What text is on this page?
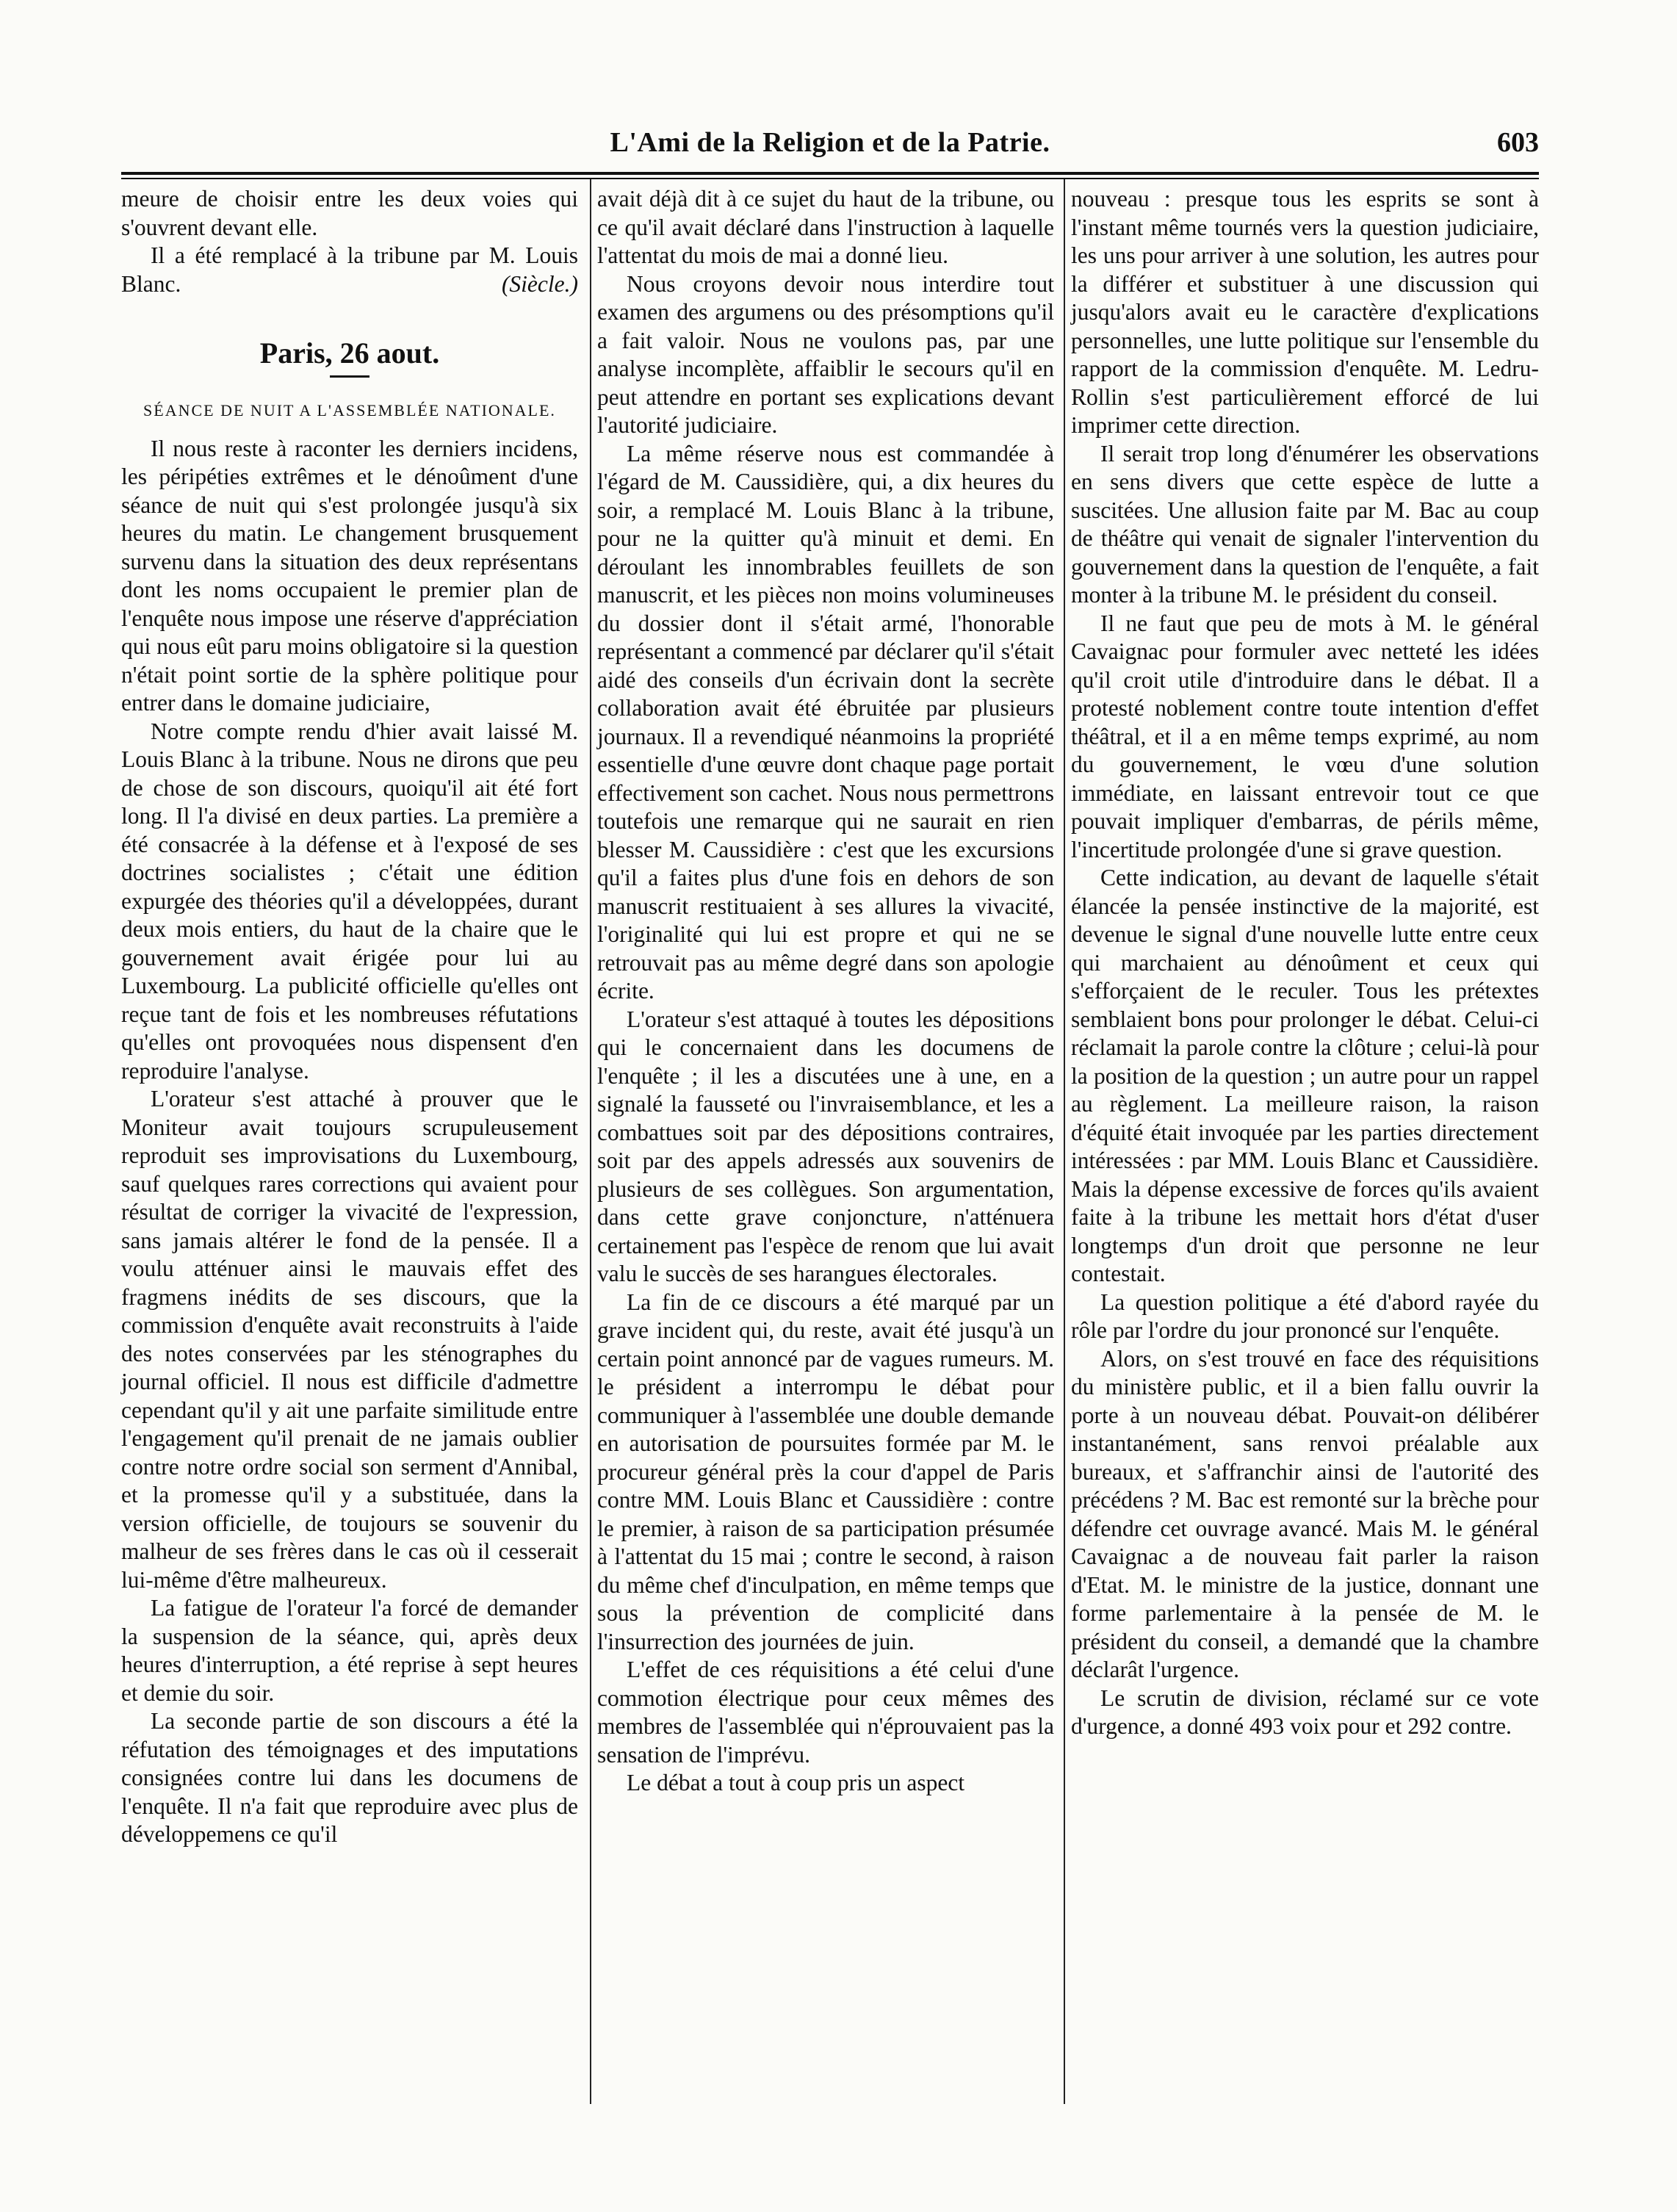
L'Ami de la Religion et de la Patrie.	603

meure de choisir entre les deux voies qui s'ouvrent devant elle.

Il a été remplacé à la tribune par M. Louis Blanc.	(Siècle.)
Paris, 26 aout.
SÉANCE DE NUIT A L'ASSEMBLÉE NATIONALE.

Il nous reste à raconter les derniers incidens, les péripéties extrêmes et le dénoûment d'une séance de nuit qui s'est prolongée jusqu'à six heures du matin. Le changement brusquement survenu dans la situation des deux représentans dont les noms occupaient le premier plan de l'enquête nous impose une réserve d'appréciation qui nous eût paru moins obligatoire si la question n'était point sortie de la sphère politique pour entrer dans le domaine judiciaire,

Notre compte rendu d'hier avait laissé M. Louis Blanc à la tribune. Nous ne dirons que peu de chose de son discours, quoiqu'il ait été fort long. Il l'a divisé en deux parties. La première a été consacrée à la défense et à l'exposé de ses doctrines socialistes ; c'était une édition expurgée des théories qu'il a développées, durant deux mois entiers, du haut de la chaire que le gouvernement avait érigée pour lui au Luxembourg. La publicité officielle qu'elles ont reçue tant de fois et les nombreuses réfutations qu'elles ont provoquées nous dispensent d'en reproduire l'analyse.

L'orateur s'est attaché à prouver que le Moniteur avait toujours scrupuleusement reproduit ses improvisations du Luxembourg, sauf quelques rares corrections qui avaient pour résultat de corriger la vivacité de l'expression, sans jamais altérer le fond de la pensée. Il a voulu atténuer ainsi le mauvais effet des fragmens inédits de ses discours, que la commission d'enquête avait reconstruits à l'aide des notes conservées par les sténographes du journal officiel. Il nous est difficile d'admettre cependant qu'il y ait une parfaite similitude entre l'engagement qu'il prenait de ne jamais oublier contre notre ordre social son serment d'Annibal, et la promesse qu'il y a substituée, dans la version officielle, de toujours se souvenir du malheur de ses frères dans le cas où il cesserait lui-même d'être malheureux.

La fatigue de l'orateur l'a forcé de demander la suspension de la séance, qui, après deux heures d'interruption, a été reprise à sept heures et demie du soir.

La seconde partie de son discours a été la réfutation des témoignages et des imputations consignées contre lui dans les documens de l'enquête. Il n'a fait que reproduire avec plus de développemens ce qu'il

avait déjà dit à ce sujet du haut de la tribune, ou ce qu'il avait déclaré dans l'instruction à laquelle l'attentat du mois de mai a donné lieu.

Nous croyons devoir nous interdire tout examen des argumens ou des présomptions qu'il a fait valoir. Nous ne voulons pas, par une analyse incomplète, affaiblir le secours qu'il en peut attendre en portant ses explications devant l'autorité judiciaire.

La même réserve nous est commandée à l'égard de M. Caussidière, qui, a dix heures du soir, a remplacé M. Louis Blanc à la tribune, pour ne la quitter qu'à minuit et demi. En déroulant les innombrables feuillets de son manuscrit, et les pièces non moins volumineuses du dossier dont il s'était armé, l'honorable représentant a commencé par déclarer qu'il s'était aidé des conseils d'un écrivain dont la secrète collaboration avait été ébruitée par plusieurs journaux. Il a revendiqué néanmoins la propriété essentielle d'une œuvre dont chaque page portait effectivement son cachet. Nous nous permettrons toutefois une remarque qui ne saurait en rien blesser M. Caussidière : c'est que les excursions qu'il a faites plus d'une fois en dehors de son manuscrit restituaient à ses allures la vivacité, l'originalité qui lui est propre et qui ne se retrouvait pas au même degré dans son apologie écrite.

L'orateur s'est attaqué à toutes les dépositions qui le concernaient dans les documens de l'enquête ; il les a discutées une à une, en a signalé la fausseté ou l'invraisemblance, et les a combattues soit par des dépositions contraires, soit par des appels adressés aux souvenirs de plusieurs de ses collègues. Son argumentation, dans cette grave conjoncture, n'atténuera certainement pas l'espèce de renom que lui avait valu le succès de ses harangues électorales.

La fin de ce discours a été marqué par un grave incident qui, du reste, avait été jusqu'à un certain point annoncé par de vagues rumeurs. M. le président a interrompu le débat pour communiquer à l'assemblée une double demande en autorisation de poursuites formée par M. le procureur général près la cour d'appel de Paris contre MM. Louis Blanc et Caussidière : contre le premier, à raison de sa participation présumée à l'attentat du 15 mai ; contre le second, à raison du même chef d'inculpation, en même temps que sous la prévention de complicité dans l'insurrection des journées de juin.

L'effet de ces réquisitions a été celui d'une commotion électrique pour ceux mêmes des membres de l'assemblée qui n'éprouvaient pas la sensation de l'imprévu.

Le débat a tout à coup pris un aspect

nouveau : presque tous les esprits se sont à l'instant même tournés vers la question judiciaire, les uns pour arriver à une solution, les autres pour la différer et substituer à une discussion qui jusqu'alors avait eu le caractère d'explications personnelles, une lutte politique sur l'ensemble du rapport de la commission d'enquête. M. Ledru-Rollin s'est particulièrement efforcé de lui imprimer cette direction.

Il serait trop long d'énumérer les observations en sens divers que cette espèce de lutte a suscitées. Une allusion faite par M. Bac au coup de théâtre qui venait de signaler l'intervention du gouvernement dans la question de l'enquête, a fait monter à la tribune M. le président du conseil.

Il ne faut que peu de mots à M. le général Cavaignac pour formuler avec netteté les idées qu'il croit utile d'introduire dans le débat. Il a protesté noblement contre toute intention d'effet théâtral, et il a en même temps exprimé, au nom du gouvernement, le vœu d'une solution immédiate, en laissant entrevoir tout ce que pouvait impliquer d'embarras, de périls même, l'incertitude prolongée d'une si grave question.

Cette indication, au devant de laquelle s'était élancée la pensée instinctive de la majorité, est devenue le signal d'une nouvelle lutte entre ceux qui marchaient au dénoûment et ceux qui s'efforçaient de le reculer. Tous les prétextes semblaient bons pour prolonger le débat. Celui-ci réclamait la parole contre la clôture ; celui-là pour la position de la question ; un autre pour un rappel au règlement. La meilleure raison, la raison d'équité était invoquée par les parties directement intéressées : par MM. Louis Blanc et Caussidière. Mais la dépense excessive de forces qu'ils avaient faite à la tribune les mettait hors d'état d'user longtemps d'un droit que personne ne leur contestait.

La question politique a été d'abord rayée du rôle par l'ordre du jour prononcé sur l'enquête.

Alors, on s'est trouvé en face des réquisitions du ministère public, et il a bien fallu ouvrir la porte à un nouveau débat. Pouvait-on délibérer instantanément, sans renvoi préalable aux bureaux, et s'affranchir ainsi de l'autorité des précédens ? M. Bac est remonté sur la brèche pour défendre cet ouvrage avancé. Mais M. le général Cavaignac a de nouveau fait parler la raison d'Etat. M. le ministre de la justice, donnant une forme parlementaire à la pensée de M. le président du conseil, a demandé que la chambre déclarât l'urgence.

Le scrutin de division, réclamé sur ce vote d'urgence, a donné 493 voix pour et 292 contre.
